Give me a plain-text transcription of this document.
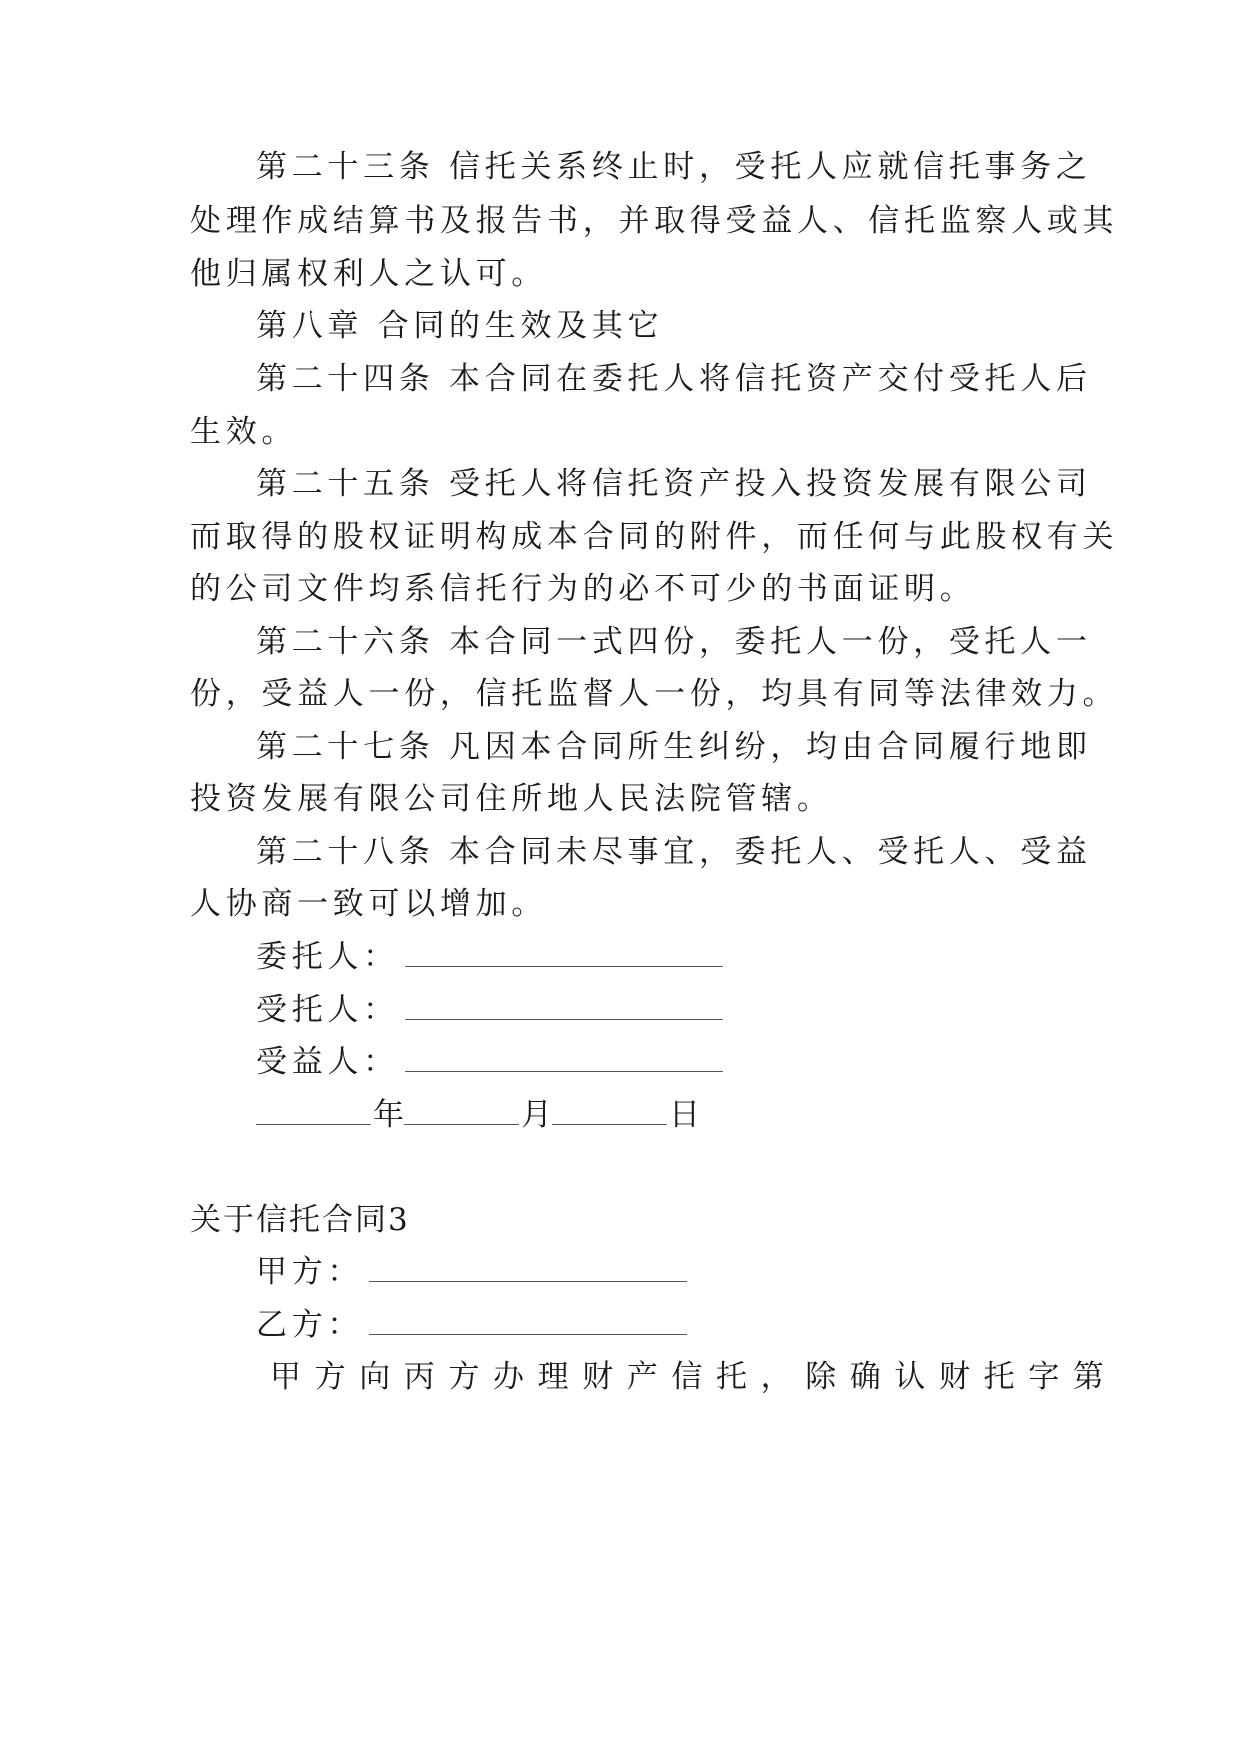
第二十三条 信托关系终止时，受托人应就信托事务之
处理作成结算书及报告书，并取得受益人、信托监察人或其
他归属权利人之认可。
第八章 合同的生效及其它
第二十四条 本合同在委托人将信托资产交付受托人后
生效。
第二十五条 受托人将信托资产投入投资发展有限公司
而取得的股权证明构成本合同的附件，而任何与此股权有关
的公司文件均系信托行为的必不可少的书面证明。
第二十六条 本合同一式四份，委托人一份，受托人一
份，受益人一份，信托监督人一份，均具有同等法律效力。
第二十七条 凡因本合同所生纠纷，均由合同履行地即
投资发展有限公司住所地人民法院管辖。
第二十八条 本合同未尽事宜，委托人、受托人、受益
人协商一致可以增加。
委托人：
受托人：
受益人：
年	月	日
关于信托合同3
甲方：
乙方：
甲方向丙方办理财产信托，除确认财托字第
